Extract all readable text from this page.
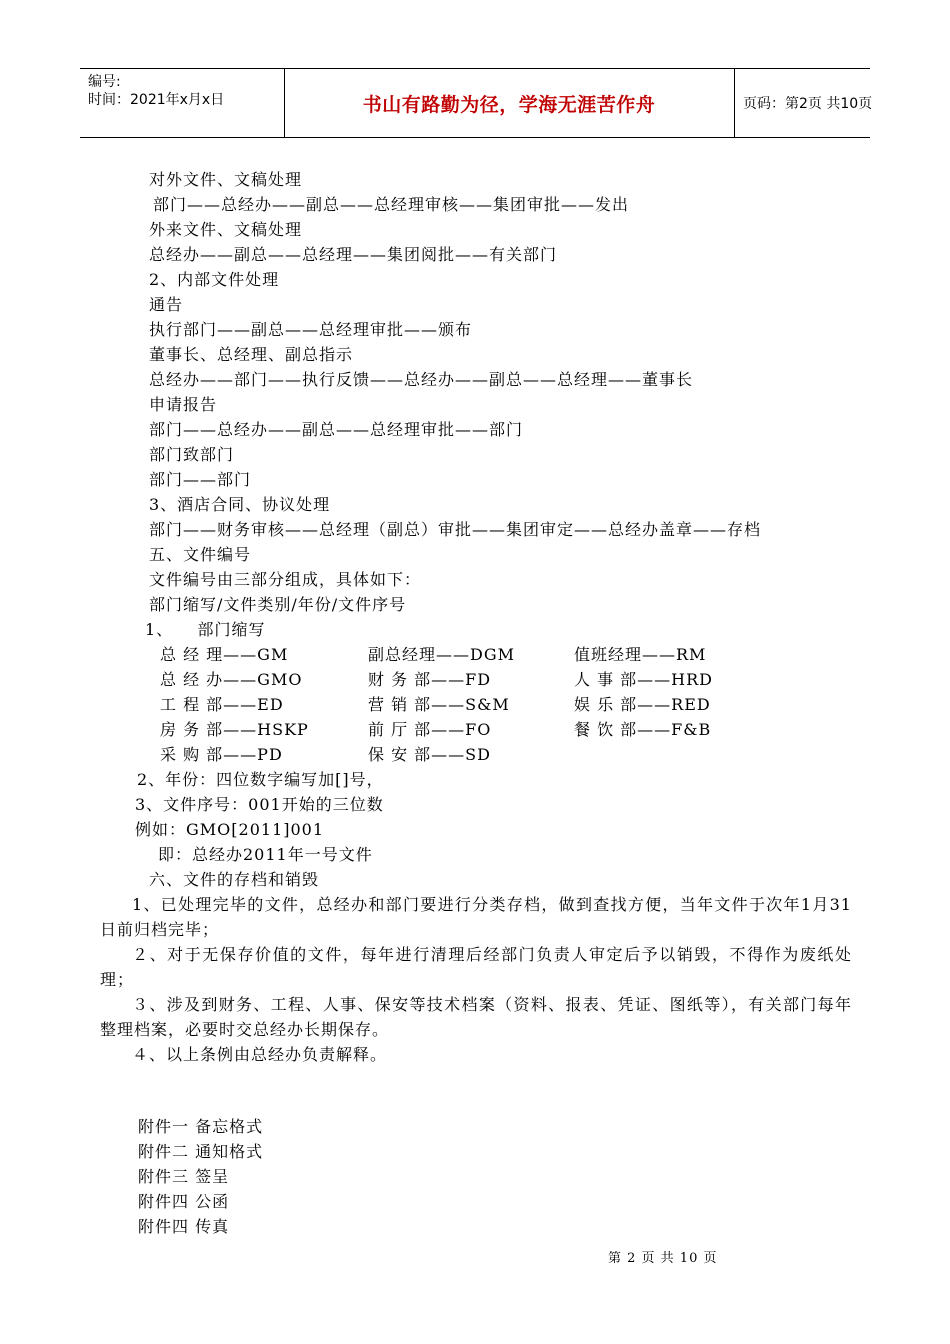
编号:
时间：2021年x月x日	书山有路勤为径，学海无涯苦作舟	页码：第2页 共10页
对外文件、文稿处理
部门——总经办——副总——总经理审核——集团审批——发出
外来文件、文稿处理
总经办——副总——总经理——集团阅批——有关部门
2、内部文件处理
通告
执行部门——副总——总经理审批——颁布
董事长、总经理、副总指示
总经办——部门——执行反馈——总经办——副总——总经理——董事长
申请报告
部门——总经办——副总——总经理审批——部门
部门致部门
部门——部门
3、酒店合同、协议处理
部门——财务审核——总经理（副总）审批——集团审定——总经办盖章——存档
五、文件编号
文件编号由三部分组成，具体如下：
部门缩写/文件类别/年份/文件序号
1、    部门缩写
总 经 理——GM	副总经理——DGM	值班经理——RM
总 经 办——GMO	财 务 部——FD	人 事 部——HRD
工 程 部——ED	营 销 部——S&M	娱 乐 部——RED
房 务 部——HSKP	前 厅 部——FO	餐 饮 部——F&B
采 购 部——PD	保 安 部——SD
2、年份：四位数字编写加[]号，
3、文件序号：001开始的三位数
例如：GMO[2011]001
即：总经办2011年一号文件
六、文件的存档和销毁
1、已处理完毕的文件，总经办和部门要进行分类存档，做到查找方便，当年文件于次年1月31日前归档完毕；
２、对于无保存价值的文件，每年进行清理后经部门负责人审定后予以销毁，不得作为废纸处理；
３、涉及到财务、工程、人事、保安等技术档案（资料、报表、凭证、图纸等），有关部门每年整理档案，必要时交总经办长期保存。
４、以上条例由总经办负责解释。
附件一 备忘格式
附件二 通知格式
附件三 签呈
附件四 公函
附件四 传真
第 2 页 共 10 页
